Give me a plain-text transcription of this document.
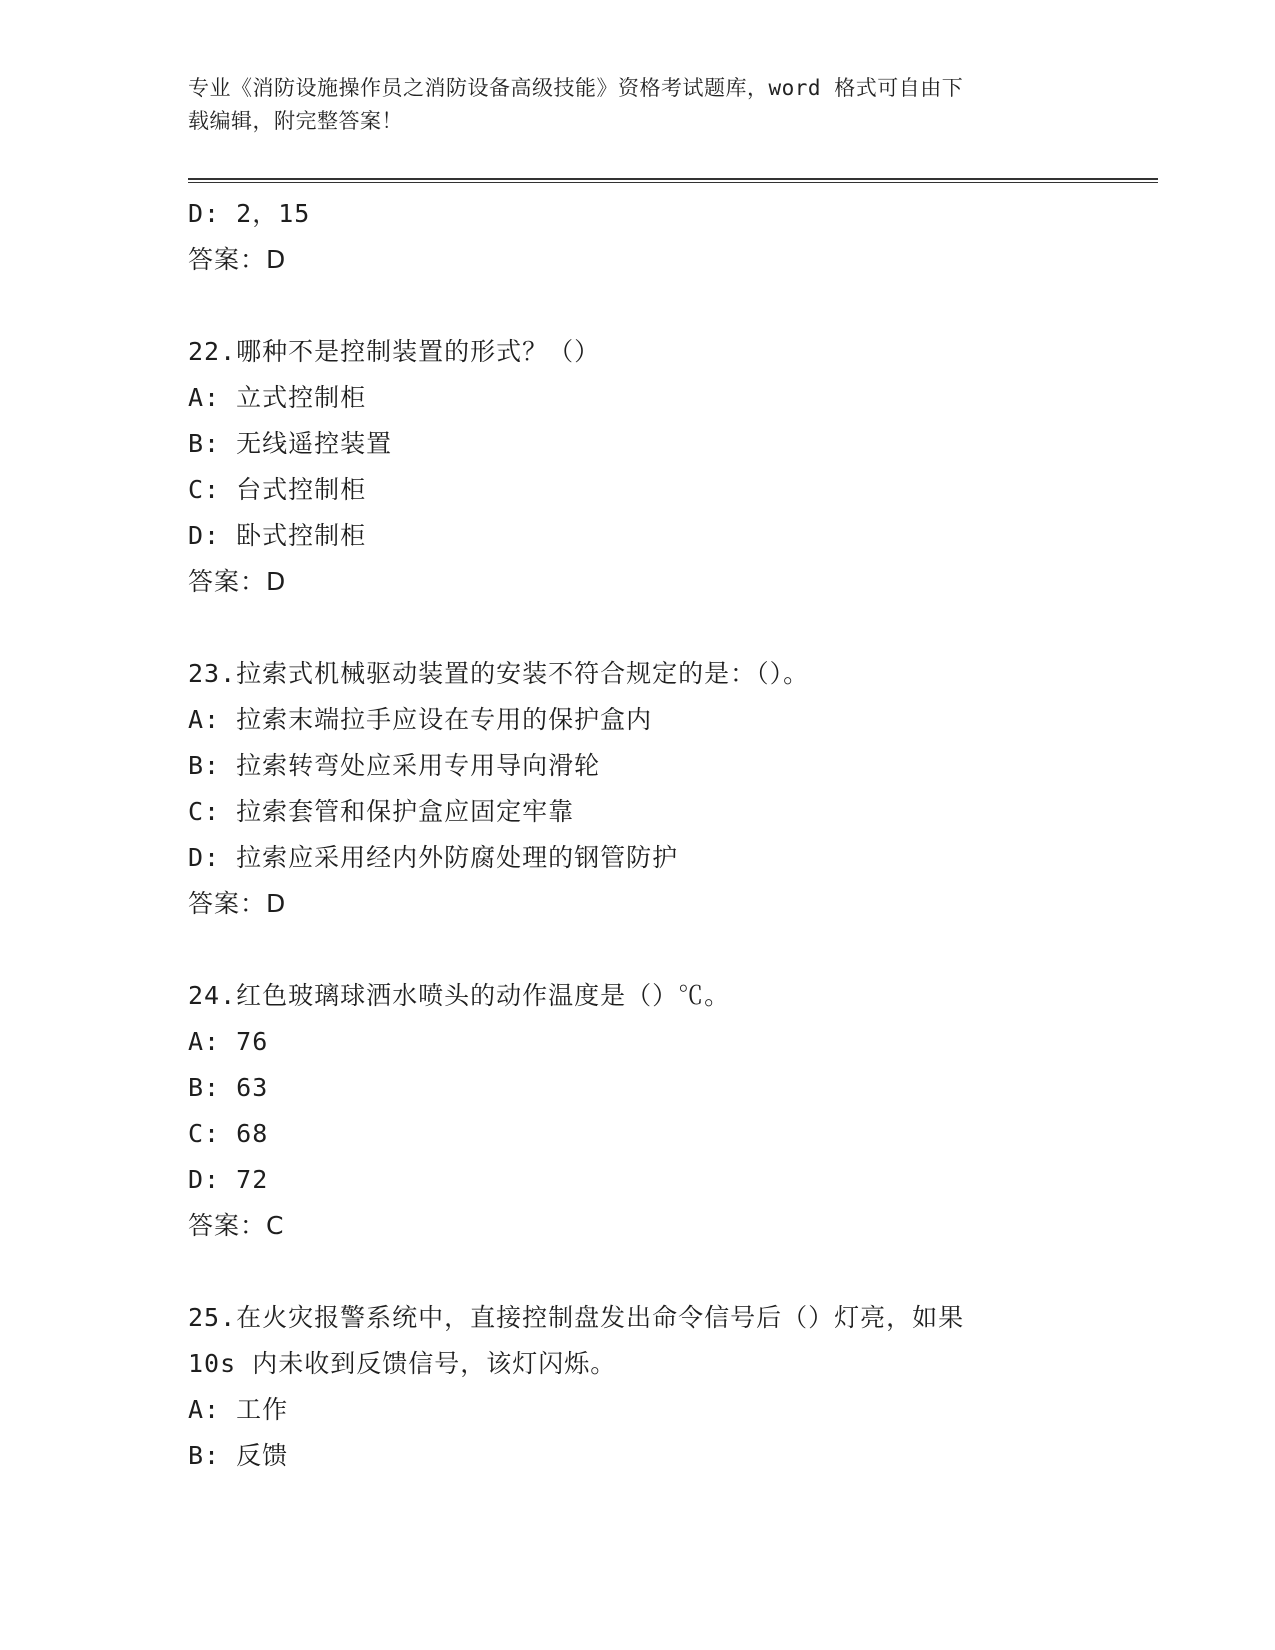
专业《消防设施操作员之消防设备高级技能》资格考试题库，word 格式可自由下
载编辑，附完整答案！
D: 2，15
答案：D
22.哪种不是控制装置的形式？（）
A: 立式控制柜
B: 无线遥控装置
C: 台式控制柜
D: 卧式控制柜
答案：D
23.拉索式机械驱动装置的安装不符合规定的是：（）。
A: 拉索末端拉手应设在专用的保护盒内
B: 拉索转弯处应采用专用导向滑轮
C: 拉索套管和保护盒应固定牢靠
D: 拉索应采用经内外防腐处理的钢管防护
答案：D
24.红色玻璃球洒水喷头的动作温度是（）℃。
A: 76
B: 63
C: 68
D: 72
答案：C
25.在火灾报警系统中，直接控制盘发出命令信号后（）灯亮，如果
10s 内未收到反馈信号，该灯闪烁。
A: 工作
B: 反馈
